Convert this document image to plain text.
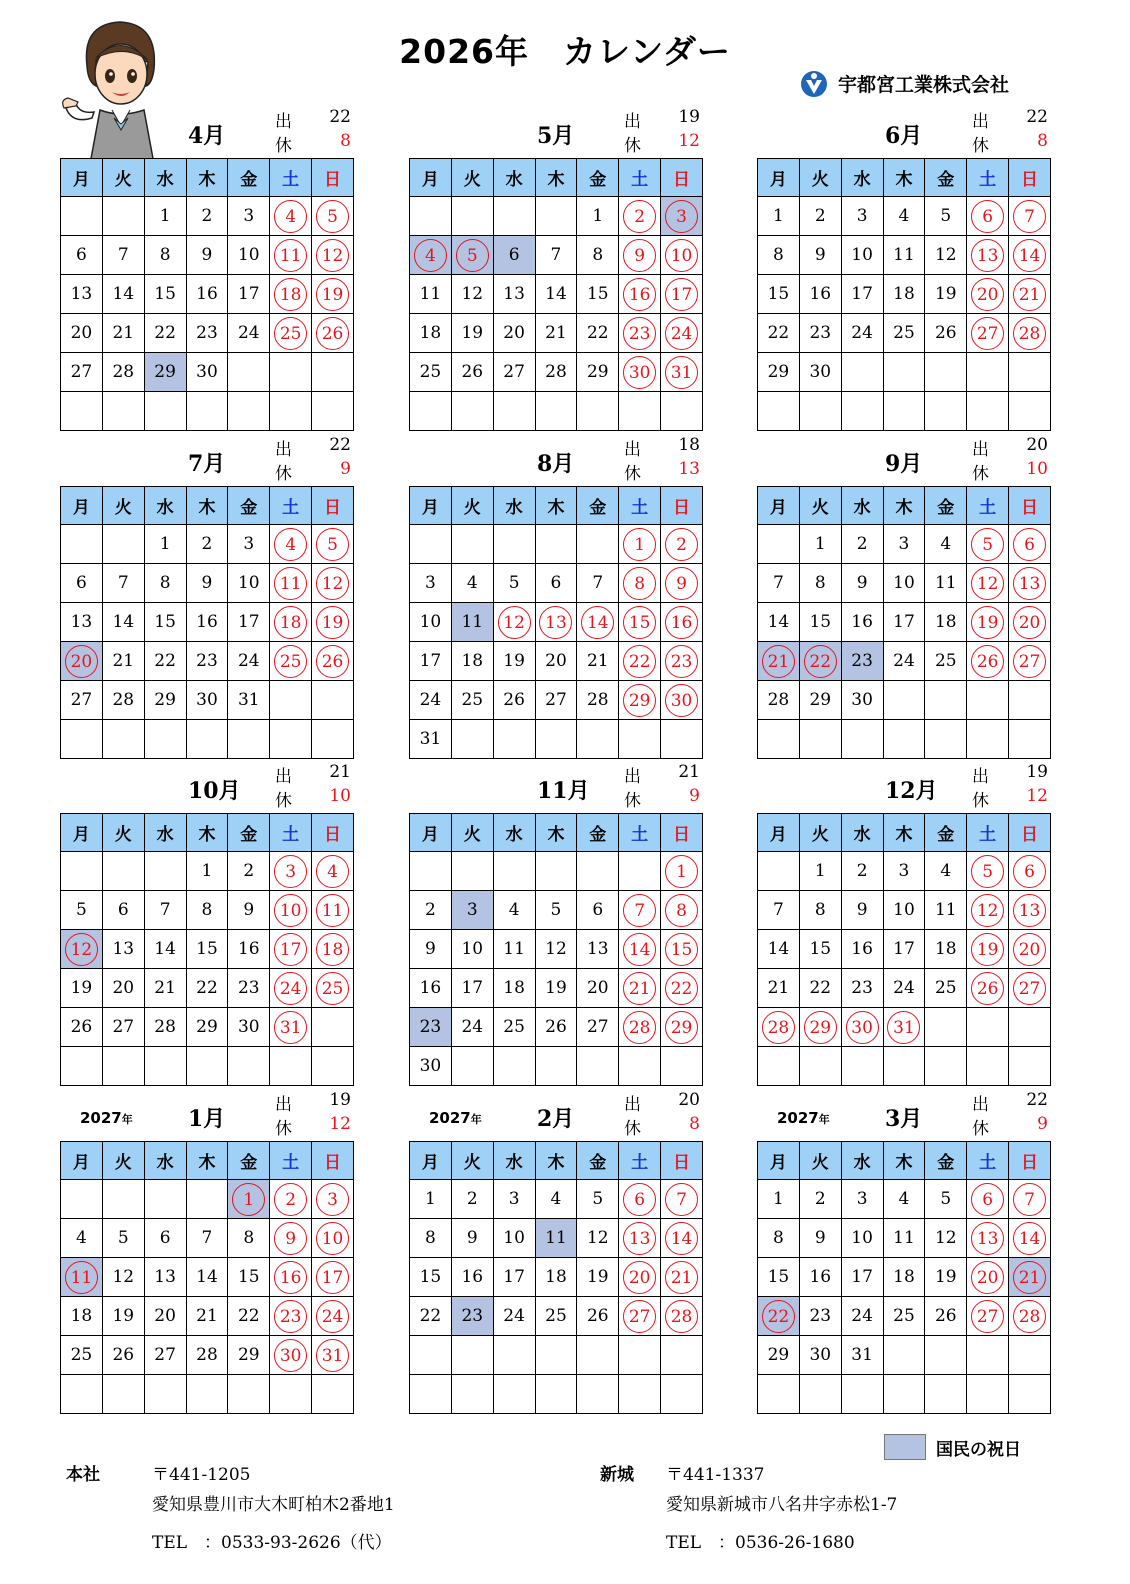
2026年　カレンダー
宇都宮工業株式会社
4月
出 22
休	8
月	火	水	木	金	土	日
		1	2	3	4	5
6	7	8	9	10	11	12
13	14	15	16	17	18	19
20	21	22	23	24	25	26
27	28	29	30			

5月
出 19
休 12
月	火	水	木	金	土	日
				1	2	3
4	5	6	7	8	9	10
11	12	13	14	15	16	17
18	19	20	21	22	23	24
25	26	27	28	29	30	31

6月
出 22
休	8
月	火	水	木	金	土	日
1	2	3	4	5	6	7
8	9	10	11	12	13	14
15	16	17	18	19	20	21
22	23	24	25	26	27	28
29	30					

7月
出 22
休	9
月	火	水	木	金	土	日
		1	2	3	4	5
6	7	8	9	10	11	12
13	14	15	16	17	18	19
20	21	22	23	24	25	26
27	28	29	30	31		

8月
出 18
休 13
月	火	水	木	金	土	日
					1	2
3	4	5	6	7	8	9
10	11	12	13	14	15	16
17	18	19	20	21	22	23
24	25	26	27	28	29	30
31						
9月
出 20
休 10
月	火	水	木	金	土	日
	1	2	3	4	5	6
7	8	9	10	11	12	13
14	15	16	17	18	19	20
21	22	23	24	25	26	27
28	29	30				

10月
出 21
休 10
月	火	水	木	金	土	日
			1	2	3	4
5	6	7	8	9	10	11
12	13	14	15	16	17	18
19	20	21	22	23	24	25
26	27	28	29	30	31	

11月
出 21
休	9
月	火	水	木	金	土	日
						1
2	3	4	5	6	7	8
9	10	11	12	13	14	15
16	17	18	19	20	21	22
23	24	25	26	27	28	29
30						
12月
出 19
休 12
月	火	水	木	金	土	日
	1	2	3	4	5	6
7	8	9	10	11	12	13
14	15	16	17	18	19	20
21	22	23	24	25	26	27
28	29	30	31			

2027年	1月
出 19
休 12
月	火	水	木	金	土	日
				1	2	3
4	5	6	7	8	9	10
11	12	13	14	15	16	17
18	19	20	21	22	23	24
25	26	27	28	29	30	31

2027年	2月
出 20
休	8
月	火	水	木	金	土	日
1	2	3	4	5	6	7
8	9	10	11	12	13	14
15	16	17	18	19	20	21
22	23	24	25	26	27	28

2027年	3月
出 22
休	9
月	火	水	木	金	土	日
1	2	3	4	5	6	7
8	9	10	11	12	13	14
15	16	17	18	19	20	21
22	23	24	25	26	27	28
29	30	31				

国民の祝日
本社	〒441-1205
愛知県豊川市大木町柏木2番地1
TEL　：0533-93-2626（代）
新城 〒441-1337
愛知県新城市八名井字赤松1-7
TEL　：0536-26-1680
